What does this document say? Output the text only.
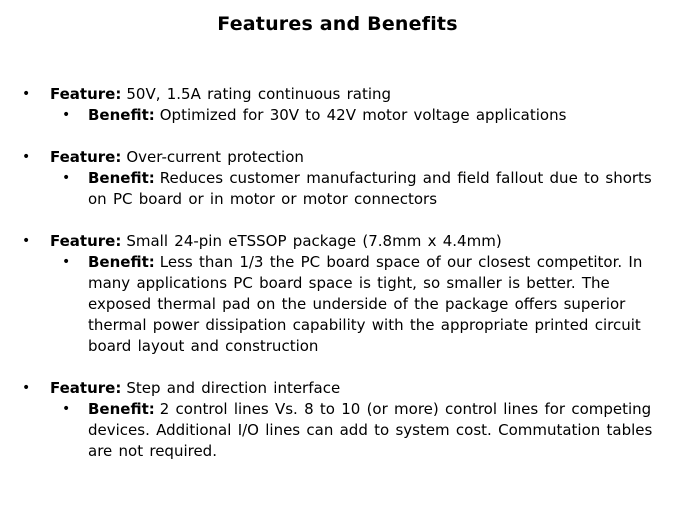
Features and Benefits
•	Feature: 50V, 1.5A rating continuous rating
•	Benefit: Optimized for 30V to 42V motor voltage applications
•	Feature: Over-current protection
•	Benefit: Reduces customer manufacturing and field fallout due to shorts on PC board or in motor or motor connectors
•	Feature: Small 24-pin eTSSOP package (7.8mm x 4.4mm)
•	Benefit: Less than 1/3 the PC board space of our closest competitor. In many applications PC board space is tight, so smaller is better. The exposed thermal pad on the underside of the package offers superior thermal power dissipation capability with the appropriate printed circuit board layout and construction
•	Feature: Step and direction interface
•	Benefit: 2 control lines Vs. 8 to 10 (or more) control lines for competing devices. Additional I/O lines can add to system cost. Commutation tables are not required.
